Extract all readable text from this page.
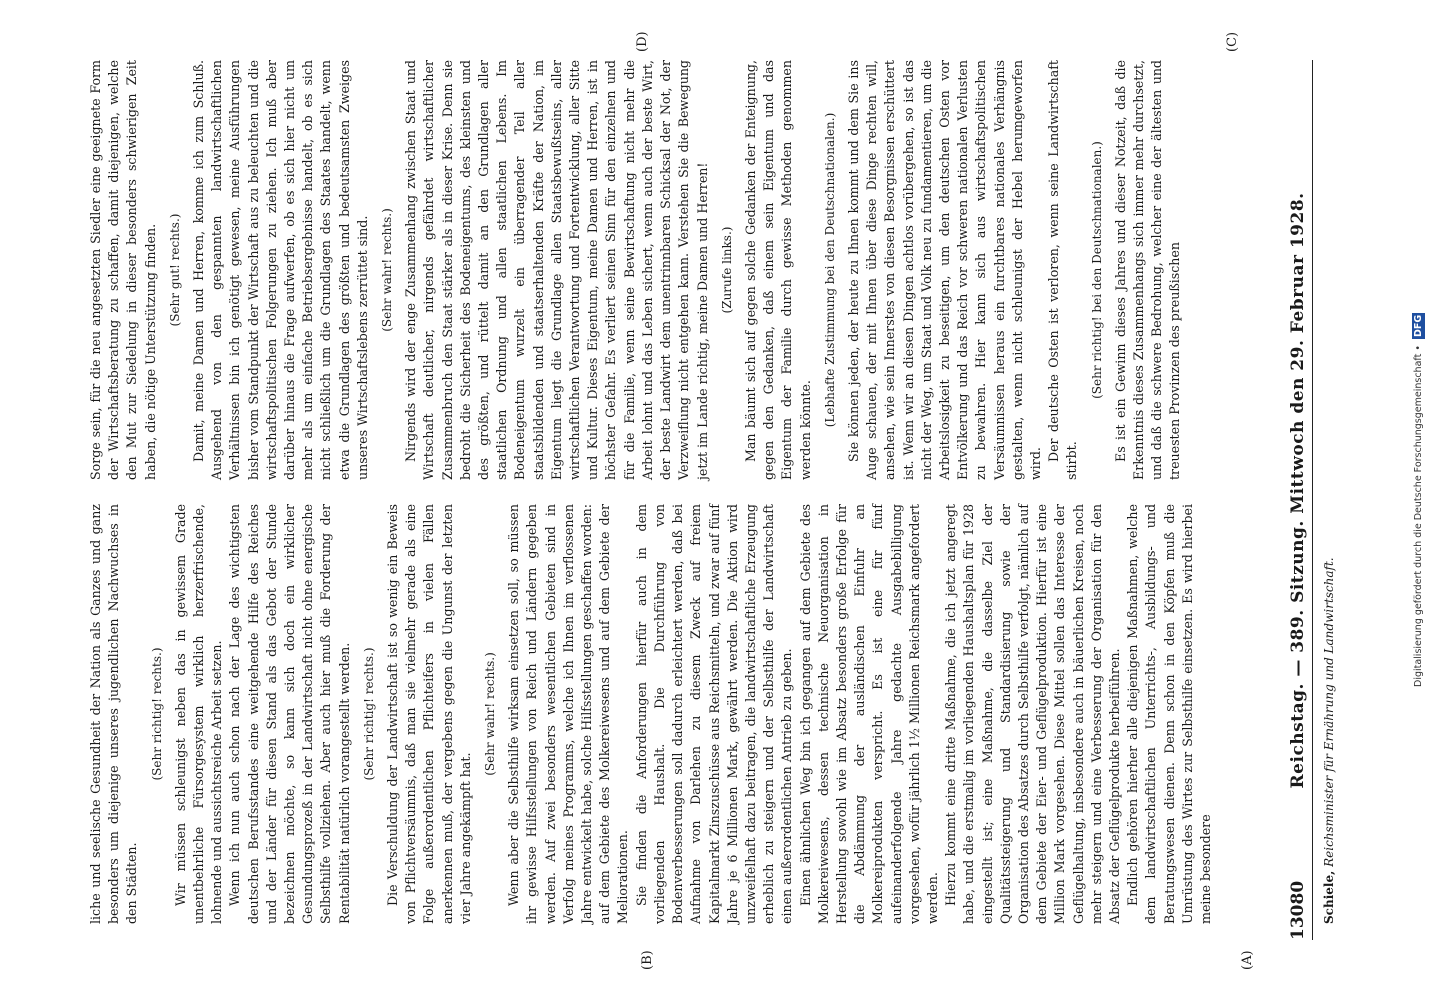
13080
Reichstag. — 389. Sitzung. Mittwoch den 29. Februar 1928.
Schiele, Reichsminister für Ernährung und Landwirtschaft.
(A)
(B)
(C)
(D)

liche und seelische Gesundheit der Nation als Ganzes und ganz besonders um diejenige unseres jugendlichen Nachwuchses in den Städten.

(Sehr richtig! rechts.) Wir müssen schleunigst neben das in gewissem Grade unentbehrliche Fürsorgesystem wirklich herzerfrischende, lohnende und aussichtsreiche Arbeit setzen. Wenn ich nun auch schon nach der Lage des wichtigsten deutschen Berufsstandes eine weitgehende Hilfe des Reiches und der Länder für diesen Stand als das Gebot der Stunde bezeichnen möchte, so kann sich doch ein wirklicher Gesundungsprozeß in der Landwirtschaft nicht ohne energische Selbsthilfe vollziehen. Aber auch hier muß die Forderung der Rentabilität natürlich vorangestellt werden. (Sehr richtig! rechts.) Die Verschuldung der Landwirtschaft ist so wenig ein Beweis von Pflichtversäumnis, daß man sie vielmehr gerade als eine Folge außerordentlichen Pflichteifers in vielen Fällen anerkennen muß, der vergebens gegen die Ungunst der letzten vier Jahre angekämpft hat.

(Sehr wahr! rechts.) Wenn aber die Selbsthilfe wirksam einsetzen soll, so müssen ihr gewisse Hilfsstellungen von Reich und Ländern gegeben werden. Auf zwei besonders wesentlichen Gebieten sind in Verfolg meines Programms, welche ich Ihnen im verflossenen Jahre entwickelt habe, solche Hilfsstellungen geschaffen worden: auf dem Gebiete des Molkereiwesens und auf dem Gebiete der Meliorationen. Sie finden die Anforderungen hierfür auch in dem vorliegenden Haushalt. Die Durchführung von Bodenverbesserungen soll dadurch erleichtert werden, daß bei Aufnahme von Darlehen zu diesem Zweck auf freiem Kapitalmarkt Zinszuschüsse aus Reichsmitteln, und zwar auf fünf Jahre je 6 Millionen Mark, gewährt werden. Die Aktion wird unzweifelhaft dazu beitragen, die landwirtschaftliche Erzeugung erheblich zu steigern und der Selbsthilfe der Landwirtschaft einen außerordentlichen Antrieb zu geben. Einen ähnlichen Weg bin ich gegangen auf dem Gebiete des Molkereiwesens, dessen technische Neuorganisation in Herstellung sowohl wie im Absatz besonders große Erfolge für die Abdämmung der ausländischen Einfuhr an Molkereiprodukten verspricht. Es ist eine für fünf aufeinanderfolgende Jahre gedachte Ausgabebilligung vorgesehen, wofür jährlich 1½ Millionen Reichsmark angefordert werden. Hierzu kommt eine dritte Maßnahme, die ich jetzt angeregt habe, und die erstmalig im vorliegenden Haushaltsplan für 1928 eingestellt ist; eine Maßnahme, die dasselbe Ziel der Qualitätssteigerung und Standardisierung sowie der Organisation des Absatzes durch Selbsthilfe verfolgt, nämlich auf dem Gebiete der Eier- und Geflügelproduktion. Hierfür ist eine Million Mark vorgesehen. Diese Mittel sollen das Interesse der Geflügelhaltung, insbesondere auch in bäuerlichen Kreisen, noch mehr steigern und eine Verbesserung der Organisation für den Absatz der Geflügelprodukte herbeiführen. Endlich gehören hierher alle diejenigen Maßnahmen, welche dem landwirtschaftlichen Unterrichts-, Ausbildungs- und Beratungswesen dienen. Denn schon in den Köpfen muß die Umrüstung des Wirtes zur Selbsthilfe einsetzen. Es wird hierbei meine besondere

Sorge sein, für die neu angesetzten Siedler eine geeignete Form der Wirtschaftsberatung zu schaffen, damit diejenigen, welche den Mut zur Siedelung in dieser besonders schwierigen Zeit haben, die nötige Unterstützung finden. (Sehr gut! rechts.) Damit, meine Damen und Herren, komme ich zum Schluß. Ausgehend von den gespannten landwirtschaftlichen Verhältnissen bin ich genötigt gewesen, meine Ausführungen bisher vom Standpunkt der Wirtschaft aus zu beleuchten und die wirtschaftspolitischen Folgerungen zu ziehen. Ich muß aber darüber hinaus die Frage aufwerfen, ob es sich hier nicht um mehr als um einfache Betriebsergebnisse handelt, ob es sich nicht schließlich um die Grundlagen des Staates handelt, wenn etwa die Grundlagen des größten und bedeutsamsten Zweiges unseres Wirtschaftslebens zerrüttet sind. (Sehr wahr! rechts.) Nirgends wird der enge Zusammenhang zwischen Staat und Wirtschaft deutlicher, nirgends gefährdet wirtschaftlicher Zusammenbruch den Staat stärker als in dieser Krise. Denn sie bedroht die Sicherheit des Bodeneigentums, des kleinsten und des größten, und rüttelt damit an den Grundlagen aller staatlichen Ordnung und allen staatlichen Lebens. Im Bodeneigentum wurzelt ein überragender Teil aller staatsbildenden und staatserhaltenden Kräfte der Nation, im Eigentum liegt die Grundlage allen Staatsbewußtseins, aller wirtschaftlichen Verantwortung und Fortentwicklung, aller Sitte und Kultur. Dieses Eigentum, meine Damen und Herren, ist in höchster Gefahr. Es verliert seinen Sinn für den einzelnen und für die Familie, wenn seine Bewirtschaftung nicht mehr die Arbeit lohnt und das Leben sichert, wenn auch der beste Wirt, der beste Landwirt dem unentrinnbaren Schicksal der Not, der Verzweiflung nicht entgehen kann. Verstehen Sie die Bewegung jetzt im Lande richtig, meine Damen und Herren! (Zurufe links.) Man bäumt sich auf gegen solche Gedanken der Enteignung, gegen den Gedanken, daß einem sein Eigentum und das Eigentum der Familie durch gewisse Methoden genommen werden könnte.

(Lebhafte Zustimmung bei den Deutschnationalen.) Sie können jeden, der heute zu Ihnen kommt und dem Sie ins Auge schauen, der mit Ihnen über diese Dinge rechten will, ansehen, wie sein Innerstes von diesen Besorgnissen erschüttert ist. Wenn wir an diesen Dingen achtlos vorübergehen, so ist das nicht der Weg, um Staat und Volk neu zu fundamentieren, um die Arbeitslosigkeit zu beseitigen, um den deutschen Osten vor Entvölkerung und das Reich vor schweren nationalen Verlusten zu bewahren. Hier kann sich aus wirtschaftspolitischen Versäumnissen heraus ein furchtbares nationales Verhängnis gestalten, wenn nicht schleunigst der Hebel herumgeworfen wird.

Der deutsche Osten ist verloren, wenn seine Landwirtschaft stirbt.

(Sehr richtig! bei den Deutschnationalen.) Es ist ein Gewinn dieses Jahres und dieser Notzeit, daß die Erkenntnis dieses Zusammenhangs sich immer mehr durchsetzt, und daß die schwere Bedrohung, welcher eine der ältesten und treuesten Provinzen des preußischen	Digitalisierung gefördert durch die Deutsche Forschungsgemeinschaft • DFG
